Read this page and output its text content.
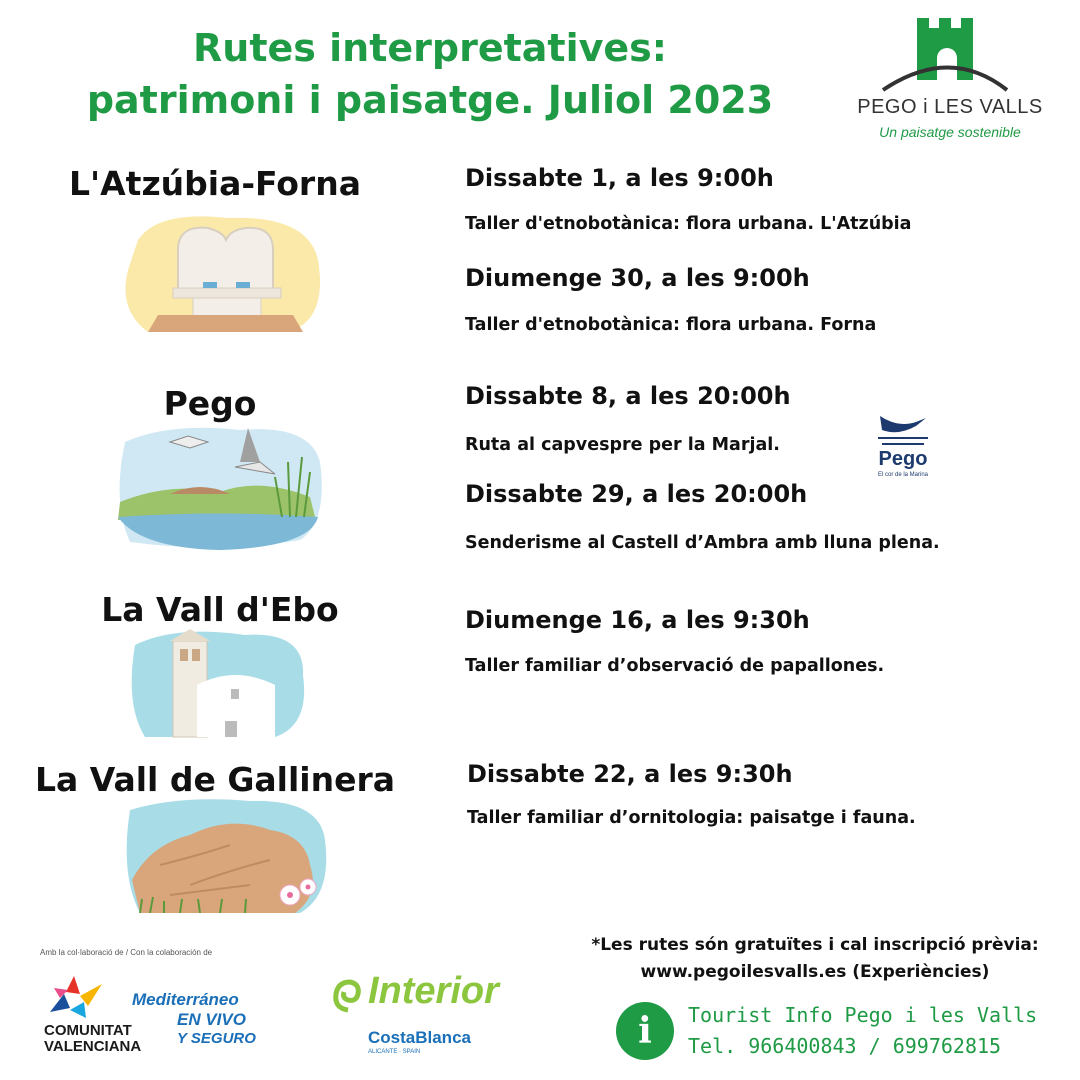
Rutes interpretatives:
patrimoni i paisatge. Juliol 2023	PEGO i LES VALLS
Un paisatge sostenible
L'Atzúbia-Forna	Dissabte 1, a les 9:00h
Taller d'etnobotànica: flora urbana. L'Atzúbia
Diumenge 30, a les 9:00h
Taller d'etnobotànica: flora urbana. Forna
Pego	Dissabte 8, a les 20:00h
Ruta al capvespre per la Marjal.
Dissabte 29, a les 20:00h
Senderisme al Castell d’Ambra amb lluna plena.
Pego
El cor de la Marina
La Vall d'Ebo	Diumenge 16, a les 9:30h
Taller familiar d’observació de papallones.
La Vall de Gallinera	Dissabte 22, a les 9:30h
Taller familiar d’ornitologia: paisatge i fauna.
Amb la col·laboració de / Con la colaboración de
COMUNITAT
VALENCIANA
Mediterráneo
EN VIVO
Y SEGURO
Interior
CostaBlanca
ALICANTE · SPAIN
*Les rutes són gratuïtes i cal inscripció prèvia:
www.pegoilesvalls.es (Experiències)
i	Tourist Info Pego i les Valls
Tel. 966400843 / 699762815
